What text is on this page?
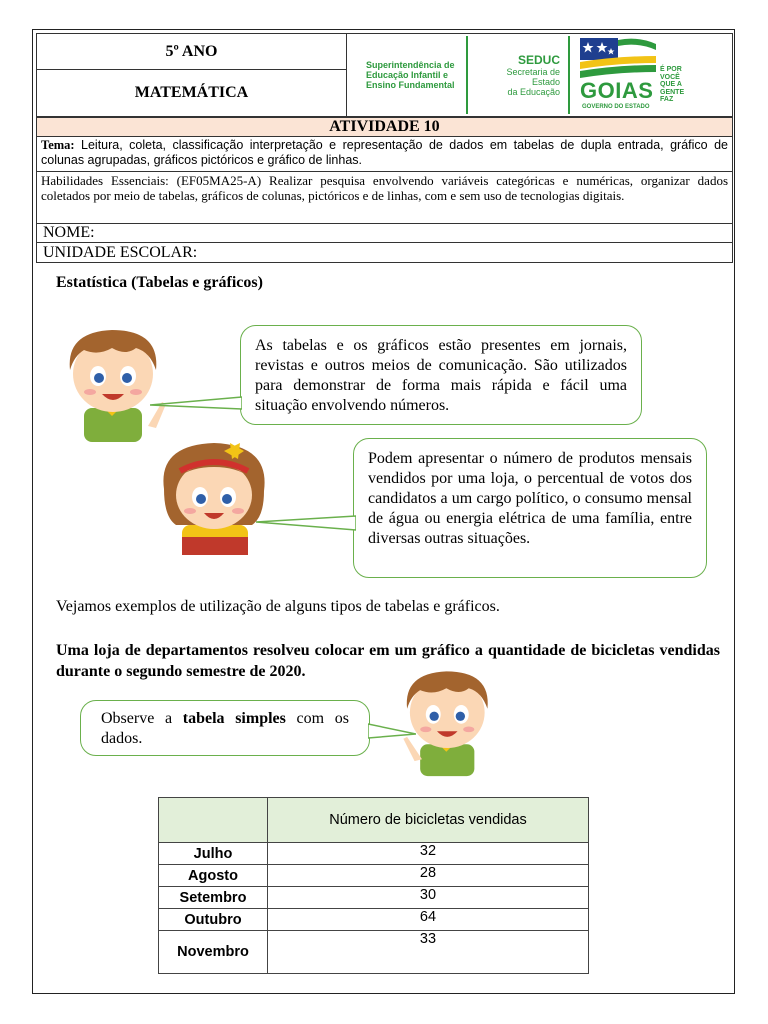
5º ANO
MATEMÁTICA
Superintendência de
Educação Infantil e
Ensino Fundamental
SEDUC
Secretaria de Estado
da Educação GOIAS
É POR
VOCÊ
QUE A
GENTE
FAZ
GOVERNO DO ESTADO
ATIVIDADE 10
Tema: Leitura, coleta, classificação interpretação e representação de dados em tabelas de dupla entrada, gráfico de colunas agrupadas, gráficos pictóricos e gráfico de linhas.
Habilidades Essenciais: (EF05MA25-A) Realizar pesquisa envolvendo variáveis categóricas e numéricas, organizar dados coletados por meio de tabelas, gráficos de colunas, pictóricos e de linhas, com e sem uso de tecnologias digitais.
NOME:
UNIDADE ESCOLAR:
Estatística (Tabelas e gráficos)
As tabelas e os gráficos estão presentes em jornais, revistas e outros meios de comunicação. São utilizados para demonstrar de forma mais rápida e fácil uma situação envolvendo números.
Podem apresentar o número de produtos mensais vendidos por uma loja, o percentual de votos dos candidatos a um cargo político, o consumo mensal de água ou energia elétrica de uma família, entre diversas outras situações.
Vejamos exemplos de utilização de alguns tipos de tabelas e gráficos.
Uma loja de departamentos resolveu colocar em um gráfico a quantidade de bicicletas vendidas durante o segundo semestre de 2020.
Observe a tabela simples com os dados.
	Número de bicicletas vendidas
Julho	32
Agosto	28
Setembro	30
Outubro	64
Novembro	33
